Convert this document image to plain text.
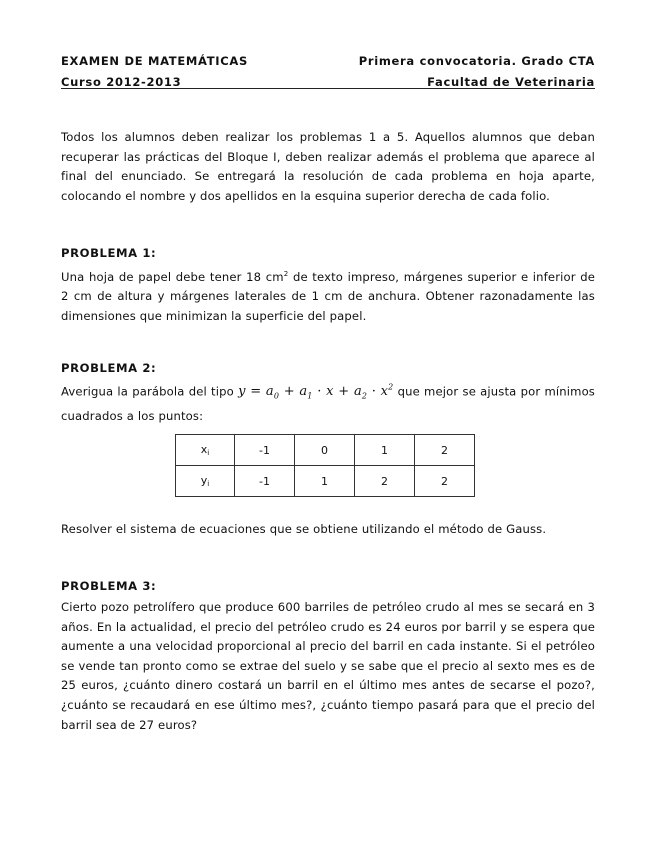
EXAMEN DE MATEMÁTICAS	Primera convocatoria. Grado CTA
Curso 2012-2013	Facultad de Veterinaria
Todos los alumnos deben realizar los problemas 1 a 5. Aquellos alumnos que deban recuperar las prácticas del Bloque I, deben realizar además el problema que aparece al final del enunciado. Se entregará la resolución de cada problema en hoja aparte, colocando el nombre y dos apellidos en la esquina superior derecha de cada folio.
PROBLEMA 1:
Una hoja de papel debe tener 18 $cm^2$ de texto impreso, márgenes superior e inferior de 2 cm de altura y márgenes laterales de 1 cm de anchura. Obtener razonadamente las dimensiones que minimizan la superficie del papel.
PROBLEMA 2:
Averigua la parábola del tipo $y = a_0 + a_1 \cdot x + a_2 \cdot x^2$ que mejor se ajusta por mínimos cuadrados a los puntos:
xi	-1	0	1	2
yi	-1	1	2	2
Resolver el sistema de ecuaciones que se obtiene utilizando el método de Gauss.
PROBLEMA 3:
Cierto pozo petrolífero que produce 600 barriles de petróleo crudo al mes se secará en 3 años. En la actualidad, el precio del petróleo crudo es 24 euros por barril y se espera que aumente a una velocidad proporcional al precio del barril en cada instante. Si el petróleo se vende tan pronto como se extrae del suelo y se sabe que el precio al sexto mes es de 25 euros, ¿cuánto dinero costará un barril en el último mes antes de secarse el pozo?, ¿cuánto se recaudará en ese último mes?, ¿cuánto tiempo pasará para que el precio del barril sea de 27 euros?
